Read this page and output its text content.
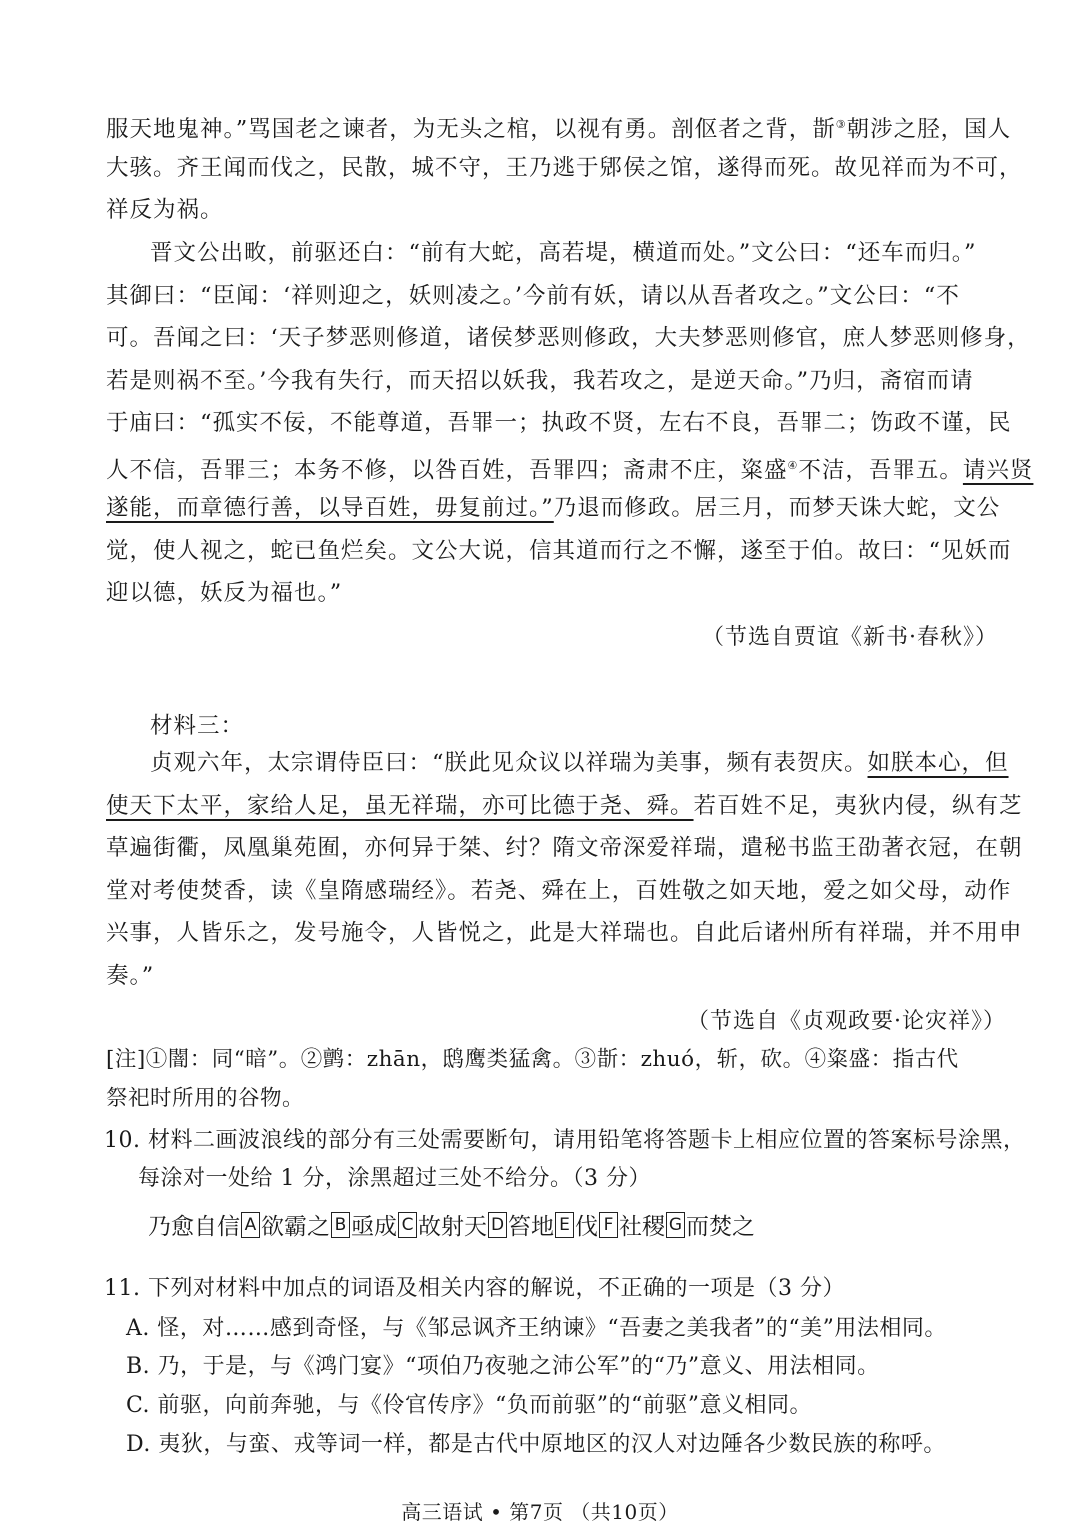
服天地鬼神。”骂国老之谏者，为无头之棺，以视有勇。剖伛者之背，斮③朝涉之胫，国人
大骇。齐王闻而伐之，民散，城不守，王乃逃于郳侯之馆，遂得而死。故见祥而为不可，
祥反为祸。
晋文公出畋，前驱还白：“前有大蛇，高若堤，横道而处。”文公曰：“还车而归。”
其御曰：“臣闻：‘祥则迎之，妖则凌之。’今前有妖，请以从吾者攻之。”文公曰：“不
可。吾闻之曰：‘天子梦恶则修道，诸侯梦恶则修政，大夫梦恶则修官，庶人梦恶则修身，
若是则祸不至。’今我有失行，而天招以妖我，我若攻之，是逆天命。”乃归，斋宿而请
于庙曰：“孤实不佞，不能尊道，吾罪一；执政不贤，左右不良，吾罪二；饬政不谨，民
人不信，吾罪三；本务不修，以咎百姓，吾罪四；斋肃不庄，粢盛④不洁，吾罪五。请兴贤
遂能，而章德行善，以导百姓，毋复前过。”乃退而修政。居三月，而梦天诛大蛇，文公
觉，使人视之，蛇已鱼烂矣。文公大说，信其道而行之不懈，遂至于伯。故曰：“见妖而
迎以德，妖反为福也。”
（节选自贾谊《新书·春秋》）
材料三：
贞观六年，太宗谓侍臣曰：“朕此见众议以祥瑞为美事，频有表贺庆。如朕本心，但
使天下太平，家给人足，虽无祥瑞，亦可比德于尧、舜。若百姓不足，夷狄内侵，纵有芝
草遍街衢，凤凰巢苑囿，亦何异于桀、纣？隋文帝深爱祥瑞，遣秘书监王劭著衣冠，在朝
堂对考使焚香，读《皇隋感瑞经》。若尧、舜在上，百姓敬之如天地，爱之如父母，动作
兴事，人皆乐之，发号施令，人皆悦之，此是大祥瑞也。自此后诸州所有祥瑞，并不用申
奏。”
（节选自《贞观政要·论灾祥》）
[注]①闇：同“暗”。②鹯：zhān，鸱鹰类猛禽。③斮：zhuó，斩，砍。④粢盛：指古代
祭祀时所用的谷物。
10. 材料二画波浪线的部分有三处需要断句，请用铅笔将答题卡上相应位置的答案标号涂黑，
每涂对一处给 1 分，涂黑超过三处不给分。（3 分）
乃愈自信 A 欲霸之 B 亟成 C 故射天 D 笞地 E 伐 F 社稷 G 而焚之
11. 下列对材料中加点的词语及相关内容的解说，不正确的一项是（3 分）
A. 怪，对……感到奇怪，与《邹忌讽齐王纳谏》“吾妻之美我者”的“美”用法相同。
B. 乃，于是，与《鸿门宴》“项伯乃夜驰之沛公军”的“乃”意义、用法相同。
C. 前驱，向前奔驰，与《伶官传序》“负而前驱”的“前驱”意义相同。
D. 夷狄，与蛮、戎等词一样，都是古代中原地区的汉人对边陲各少数民族的称呼。
高三语试 • 第7页 （共10页）
